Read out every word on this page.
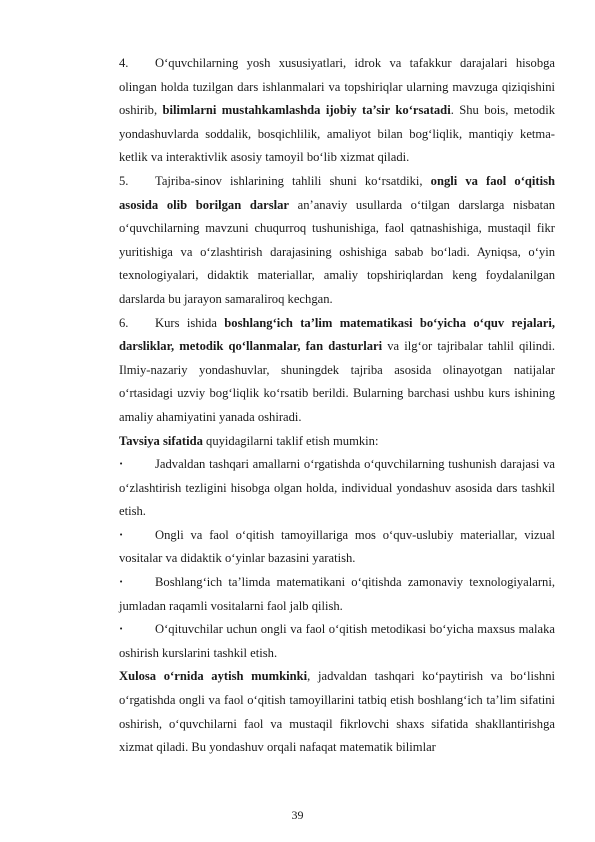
4. O‘quvchilarning yosh xususiyatlari, idrok va tafakkur darajalari hisobga olingan holda tuzilgan dars ishlanmalari va topshiriqlar ularning mavzuga qiziqishini oshirib, bilimlarni mustahkamlashda ijobiy ta’sir ko‘rsatadi. Shu bois, metodik yondashuvlarda soddalik, bosqichlilik, amaliyot bilan bog‘liqlik, mantiqiy ketma-ketlik va interaktivlik asosiy tamoyil bo‘lib xizmat qiladi.

5. Tajriba-sinov ishlarining tahlili shuni ko‘rsatdiki, ongli va faol o‘qitish asosida olib borilgan darslar an’anaviy usullarda o‘tilgan darslarga nisbatan o‘quvchilarning mavzuni chuqurroq tushunishiga, faol qatnashishiga, mustaqil fikr yuritishiga va o‘zlashtirish darajasining oshishiga sabab bo‘ladi. Ayniqsa, o‘yin texnologiyalari, didaktik materiallar, amaliy topshiriqlardan keng foydalanilgan darslarda bu jarayon samaraliroq kechgan.

6. Kurs ishida boshlang‘ich ta’lim matematikasi bo‘yicha o‘quv rejalari, darsliklar, metodik qo‘llanmalar, fan dasturlari va ilg‘or tajribalar tahlil qilindi. Ilmiy-nazariy yondashuvlar, shuningdek tajriba asosida olinayotgan natijalar o‘rtasidagi uzviy bog‘liqlik ko‘rsatib berildi. Bularning barchasi ushbu kurs ishining amaliy ahamiyatini yanada oshiradi.

Tavsiya sifatida quyidagilarni taklif etish mumkin:

•	Jadvaldan tashqari amallarni o‘rgatishda o‘quvchilarning tushunish darajasi va o‘zlashtirish tezligini hisobga olgan holda, individual yondashuv asosida dars tashkil etish.

•	Ongli va faol o‘qitish tamoyillariga mos o‘quv-uslubiy materiallar, vizual vositalar va didaktik o‘yinlar bazasini yaratish.

•	Boshlang‘ich ta’limda matematikani o‘qitishda zamonaviy texnologiyalarni, jumladan raqamli vositalarni faol jalb qilish.

•	O‘qituvchilar uchun ongli va faol o‘qitish metodikasi bo‘yicha maxsus malaka oshirish kurslarini tashkil etish.

Xulosa o‘rnida aytish mumkinki, jadvaldan tashqari ko‘paytirish va bo‘lishni o‘rgatishda ongli va faol o‘qitish tamoyillarini tatbiq etish boshlang‘ich ta’lim sifatini oshirish, o‘quvchilarni faol va mustaqil fikrlovchi shaxs sifatida shakllantirishga xizmat qiladi. Bu yondashuv orqali nafaqat matematik bilimlar

39
